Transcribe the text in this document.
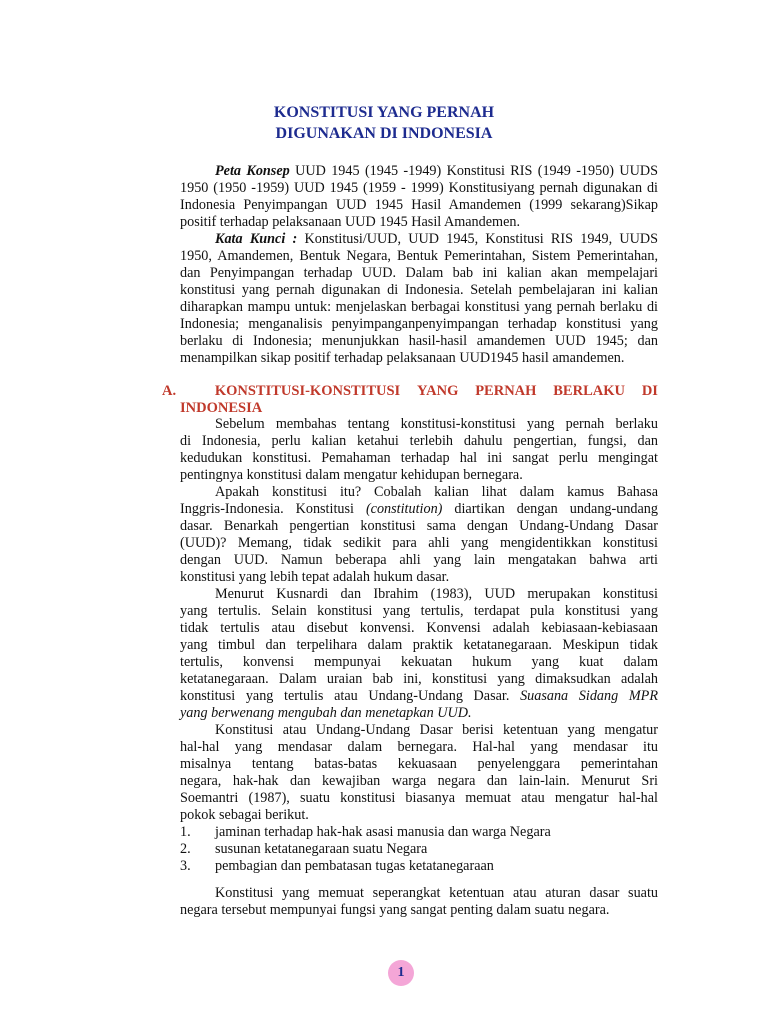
KONSTITUSI YANG PERNAH
DIGUNAKAN DI INDONESIA
Peta Konsep UUD 1945 (1945 -1949) Konstitusi RIS (1949 -1950) UUDS
1950 (1950 -1959) UUD 1945 (1959 - 1999) Konstitusiyang pernah digunakan di
Indonesia Penyimpangan UUD 1945 Hasil Amandemen (1999 sekarang)Sikap
positif terhadap pelaksanaan UUD 1945 Hasil Amandemen.
Kata Kunci : Konstitusi/UUD, UUD 1945, Konstitusi RIS 1949, UUDS
1950, Amandemen, Bentuk Negara, Bentuk Pemerintahan, Sistem Pemerintahan,
dan Penyimpangan terhadap UUD. Dalam bab ini kalian akan mempelajari
konstitusi yang pernah digunakan di Indonesia. Setelah pembelajaran ini kalian
diharapkan mampu untuk: menjelaskan berbagai konstitusi yang pernah berlaku di
Indonesia; menganalisis penyimpanganpenyimpangan terhadap konstitusi yang
berlaku di Indonesia; menunjukkan hasil-hasil amandemen UUD 1945; dan
menampilkan sikap positif terhadap pelaksanaan UUD1945 hasil amandemen.
A.	KONSTITUSI-KONSTITUSI YANG PERNAH BERLAKU DI
INDONESIA
Sebelum membahas tentang konstitusi-konstitusi yang pernah berlaku
di Indonesia, perlu kalian ketahui terlebih dahulu pengertian, fungsi, dan
kedudukan konstitusi. Pemahaman terhadap hal ini sangat perlu mengingat
pentingnya konstitusi dalam mengatur kehidupan bernegara.
Apakah konstitusi itu? Cobalah kalian lihat dalam kamus Bahasa
Inggris-Indonesia. Konstitusi (constitution) diartikan dengan undang-undang
dasar. Benarkah pengertian konstitusi sama dengan Undang-Undang Dasar
(UUD)? Memang, tidak sedikit para ahli yang mengidentikkan konstitusi
dengan UUD. Namun beberapa ahli yang lain mengatakan bahwa arti
konstitusi yang lebih tepat adalah hukum dasar.
Menurut Kusnardi dan Ibrahim (1983), UUD merupakan konstitusi
yang tertulis. Selain konstitusi yang tertulis, terdapat pula konstitusi yang
tidak tertulis atau disebut konvensi. Konvensi adalah kebiasaan-kebiasaan
yang timbul dan terpelihara dalam praktik ketatanegaraan. Meskipun tidak
tertulis, konvensi mempunyai kekuatan hukum yang kuat dalam
ketatanegaraan. Dalam uraian bab ini, konstitusi yang dimaksudkan adalah
konstitusi yang tertulis atau Undang-Undang Dasar. Suasana Sidang MPR
yang berwenang mengubah dan menetapkan UUD.
Konstitusi atau Undang-Undang Dasar berisi ketentuan yang mengatur
hal-hal yang mendasar dalam bernegara. Hal-hal yang mendasar itu
misalnya tentang batas-batas kekuasaan penyelenggara pemerintahan
negara, hak-hak dan kewajiban warga negara dan lain-lain. Menurut Sri
Soemantri (1987), suatu konstitusi biasanya memuat atau mengatur hal-hal
pokok sebagai berikut.
1. jaminan terhadap hak-hak asasi manusia dan warga Negara
2. susunan ketatanegaraan suatu Negara
3. pembagian dan pembatasan tugas ketatanegaraan
Konstitusi yang memuat seperangkat ketentuan atau aturan dasar suatu
negara tersebut mempunyai fungsi yang sangat penting dalam suatu negara.
1
